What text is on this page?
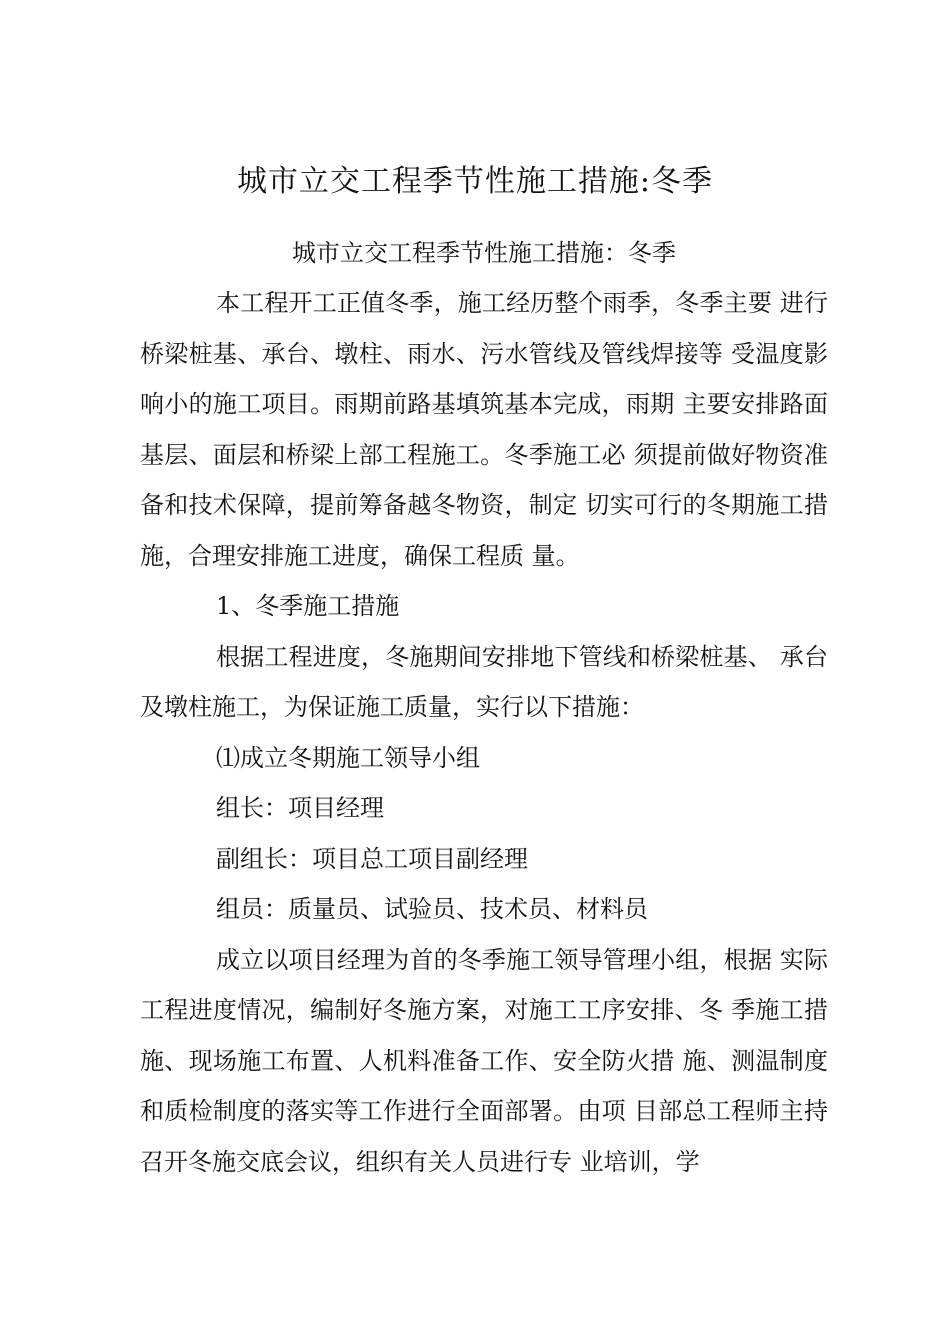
城市立交工程季节性施工措施:冬季

城市立交工程季节性施工措施：冬季

本工程开工正值冬季，施工经历整个雨季，冬季主要 进行桥梁桩基、承台、墩柱、雨水、污水管线及管线焊接等 受温度影响小的施工项目。雨期前路基填筑基本完成，雨期 主要安排路面基层、面层和桥梁上部工程施工。冬季施工必 须提前做好物资准备和技术保障，提前筹备越冬物资，制定 切实可行的冬期施工措施，合理安排施工进度，确保工程质 量。

1、冬季施工措施

根据工程进度，冬施期间安排地下管线和桥梁桩基、 承台及墩柱施工，为保证施工质量，实行以下措施：

⑴成立冬期施工领导小组

组长：项目经理

副组长：项目总工项目副经理

组员：质量员、试验员、技术员、材料员

成立以项目经理为首的冬季施工领导管理小组，根据 实际工程进度情况，编制好冬施方案，对施工工序安排、冬 季施工措施、现场施工布置、人机料准备工作、安全防火措 施、测温制度和质检制度的落实等工作进行全面部署。由项 目部总工程师主持召开冬施交底会议，组织有关人员进行专 业培训，学
